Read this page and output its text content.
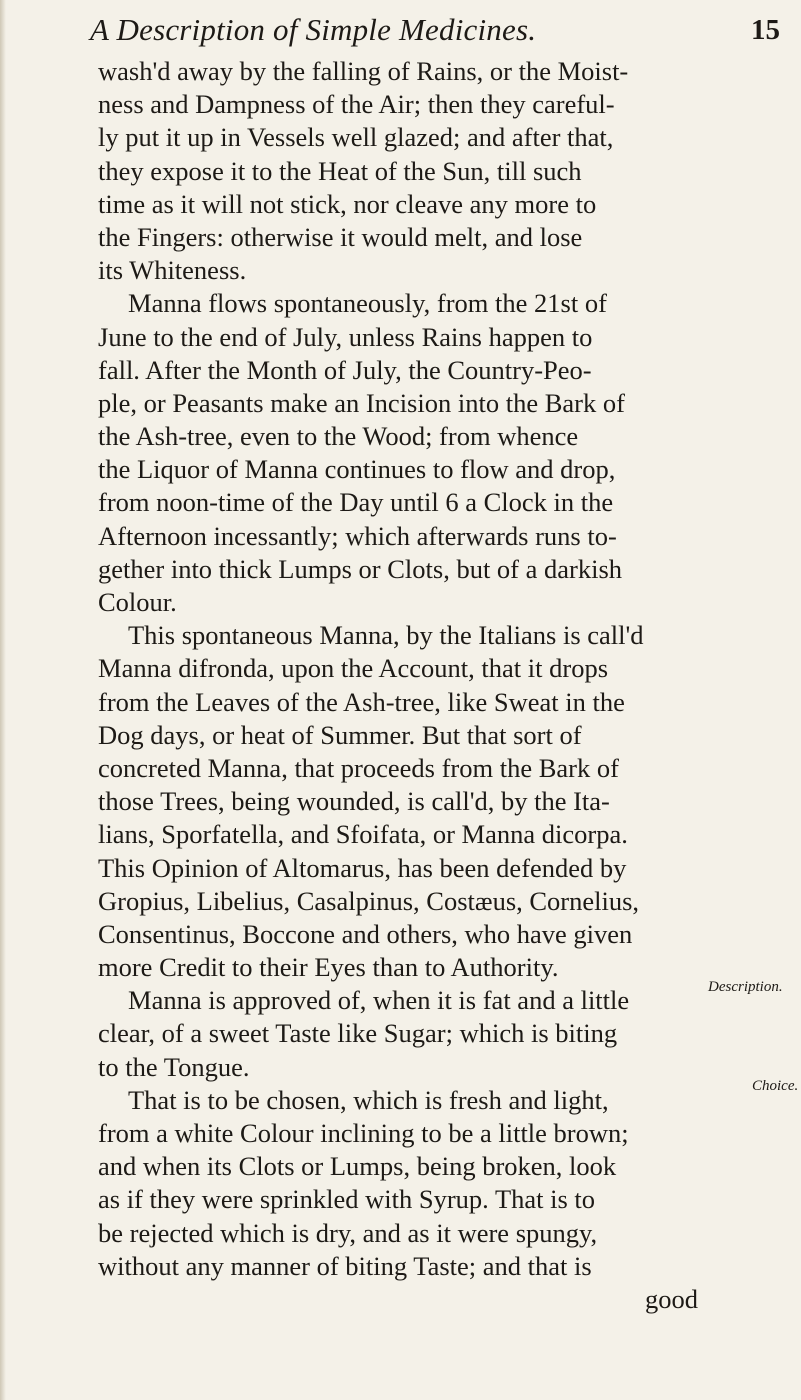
A Description of Simple Medicines.	15
wash'd away by the falling of Rains, or the Moist-
ness and Dampness of the Air; then they careful-
ly put it up in Vessels well glazed; and after that,
they expose it to the Heat of the Sun, till such
time as it will not stick, nor cleave any more to
the Fingers: otherwise it would melt, and lose
its Whiteness.
Manna flows spontaneously, from the 21st of
June to the end of July, unless Rains happen to
fall. After the Month of July, the Country-Peo-
ple, or Peasants make an Incision into the Bark of
the Ash-tree, even to the Wood; from whence
the Liquor of Manna continues to flow and drop,
from noon-time of the Day until 6 a Clock in the
Afternoon incessantly; which afterwards runs to-
gether into thick Lumps or Clots, but of a darkish
Colour.
This spontaneous Manna, by the Italians is call'd
Manna difronda, upon the Account, that it drops
from the Leaves of the Ash-tree, like Sweat in the
Dog days, or heat of Summer. But that sort of
concreted Manna, that proceeds from the Bark of
those Trees, being wounded, is call'd, by the Ita-
lians, Sporfatella, and Sfoifata, or Manna dicorpa.
This Opinion of Altomarus, has been defended by
Gropius, Libelius, Casalpinus, Costæus, Cornelius,
Consentinus, Boccone and others, who have given
more Credit to their Eyes than to Authority.
Manna is approved of, when it is fat and a little
clear, of a sweet Taste like Sugar; which is biting
to the Tongue.
That is to be chosen, which is fresh and light,
from a white Colour inclining to be a little brown;
and when its Clots or Lumps, being broken, look
as if they were sprinkled with Syrup. That is to
be rejected which is dry, and as it were spungy,
without any manner of biting Taste; and that is
good
Description.
Choice.
